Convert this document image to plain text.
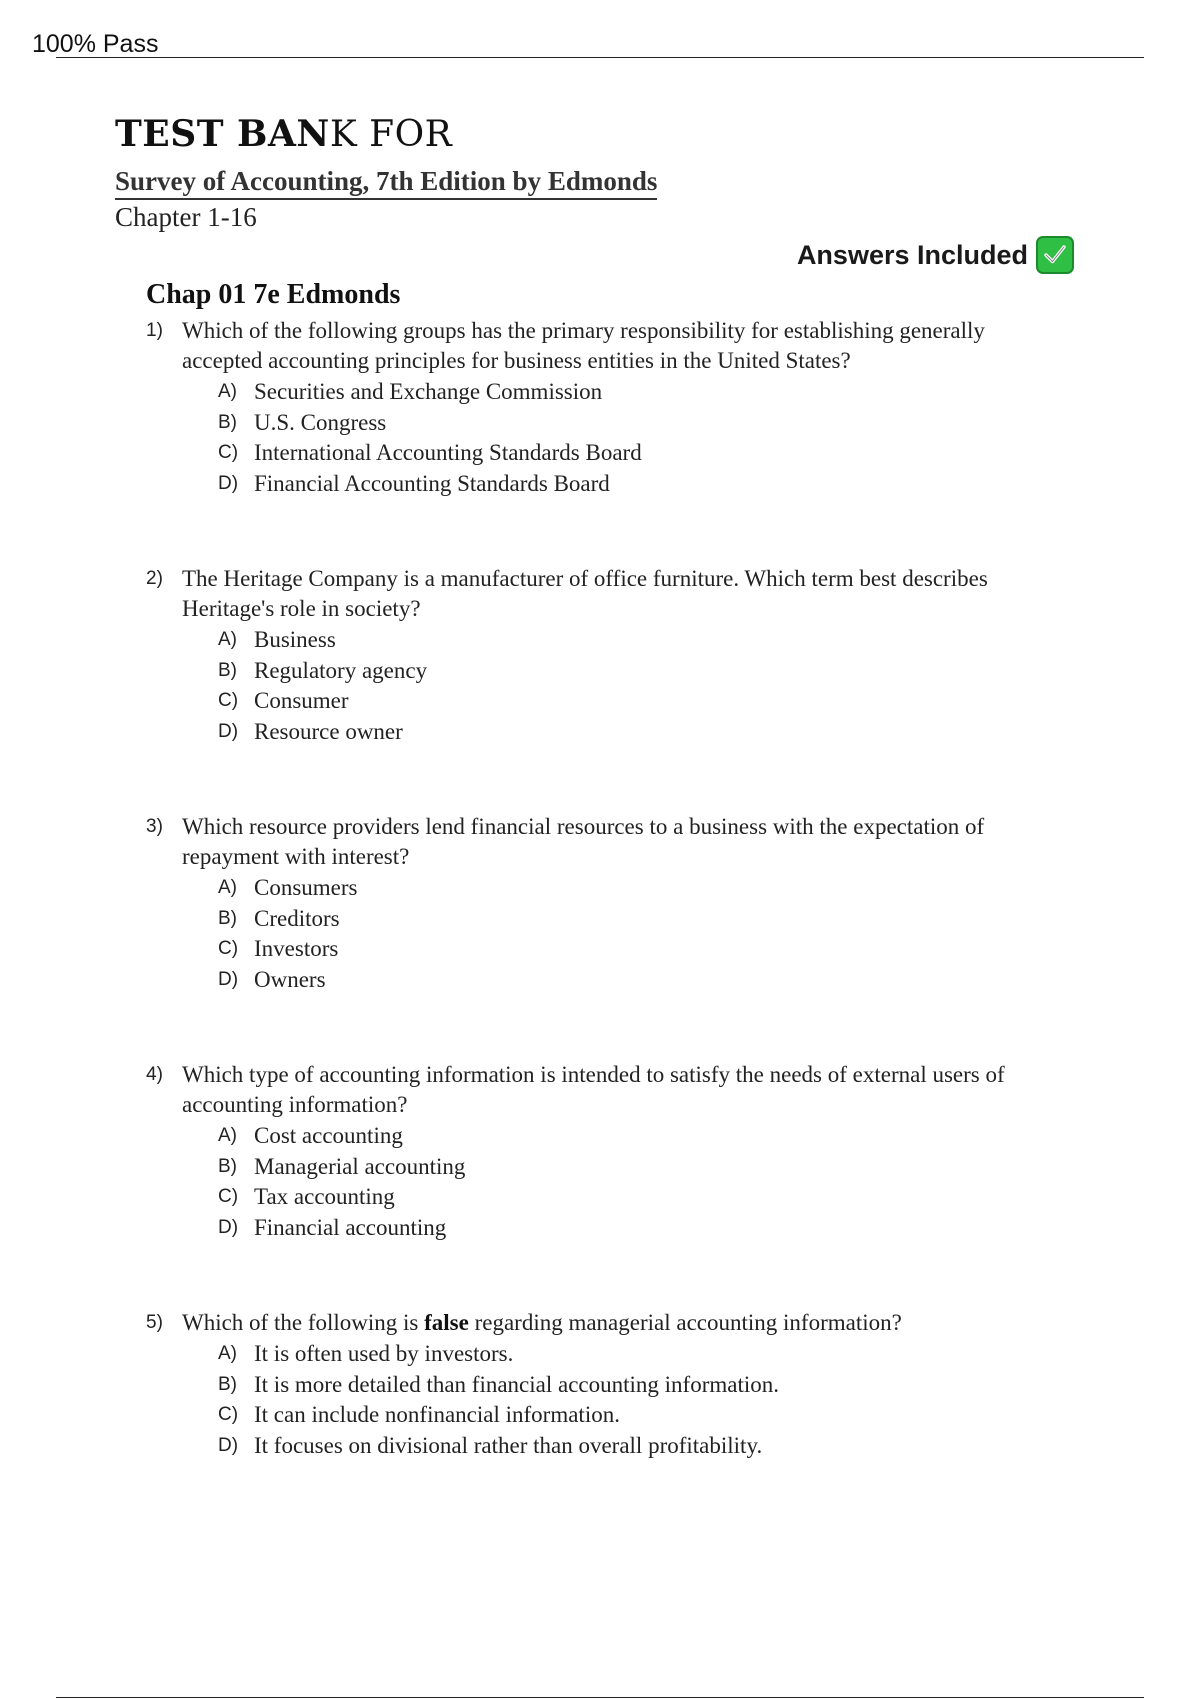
100% Pass
TEST BANK FOR
Survey of Accounting, 7th Edition by Edmonds
Chapter 1-16
Answers Included
Chap 01 7e Edmonds
1) Which of the following groups has the primary responsibility for establishing generally
accepted accounting principles for business entities in the United States?
A) Securities and Exchange Commission
B) U.S. Congress
C) International Accounting Standards Board
D) Financial Accounting Standards Board
2) The Heritage Company is a manufacturer of office furniture. Which term best describes
Heritage's role in society?
A) Business
B) Regulatory agency
C) Consumer
D) Resource owner
3) Which resource providers lend financial resources to a business with the expectation of
repayment with interest?
A) Consumers
B) Creditors
C) Investors
D) Owners
4) Which type of accounting information is intended to satisfy the needs of external users of
accounting information?
A) Cost accounting
B) Managerial accounting
C) Tax accounting
D) Financial accounting
5) Which of the following is false regarding managerial accounting information?
A) It is often used by investors.
B) It is more detailed than financial accounting information.
C) It can include nonfinancial information.
D) It focuses on divisional rather than overall profitability.
